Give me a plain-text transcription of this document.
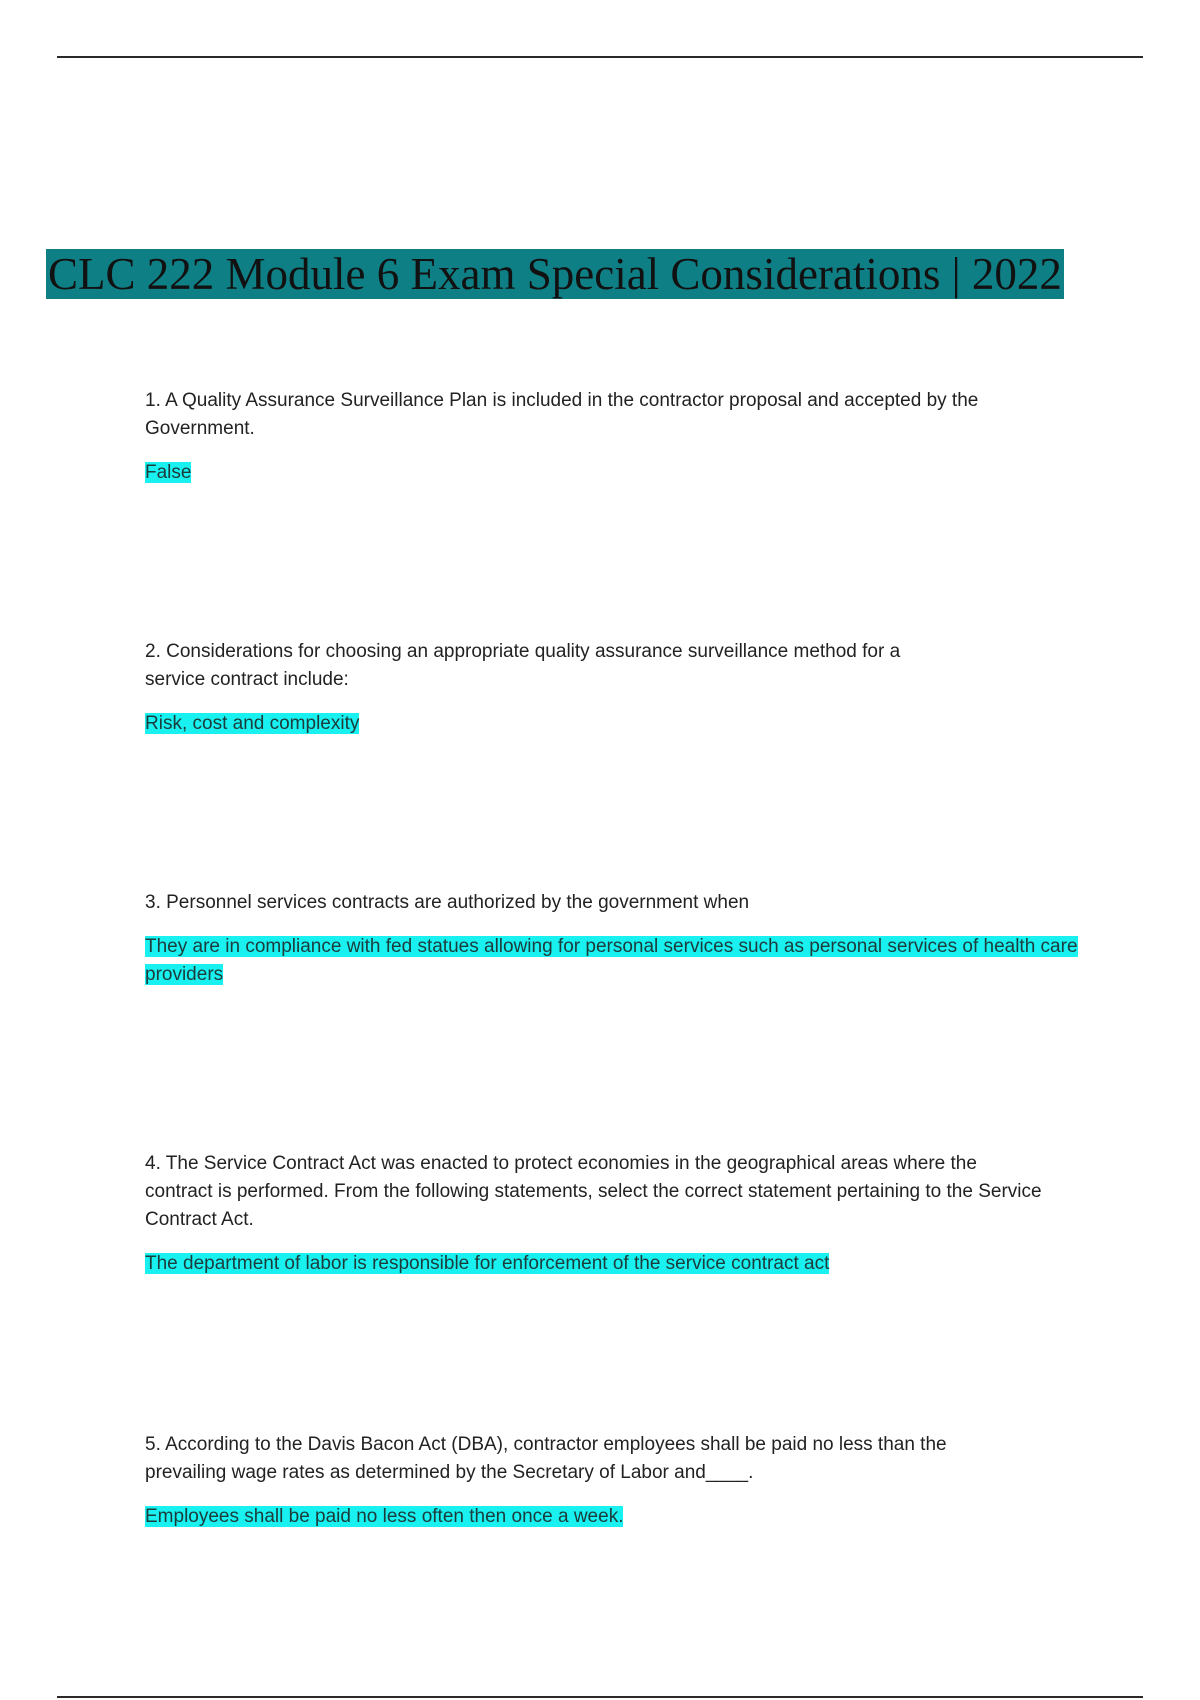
CLC 222 Module 6 Exam Special Considerations | 2022

1. A Quality Assurance Surveillance Plan is included in the contractor proposal and accepted by the Government.

False

2. Considerations for choosing an appropriate quality assurance surveillance method for a service contract include:

Risk, cost and complexity

3. Personnel services contracts are authorized by the government when

They are in compliance with fed statues allowing for personal services such as personal services of health care providers

4. The Service Contract Act was enacted to protect economies in the geographical areas where the contract is performed. From the following statements, select the correct statement pertaining to the Service Contract Act.

The department of labor is responsible for enforcement of the service contract act

5. According to the Davis Bacon Act (DBA), contractor employees shall be paid no less than the prevailing wage rates as determined by the Secretary of Labor and____.

Employees shall be paid no less often then once a week.
